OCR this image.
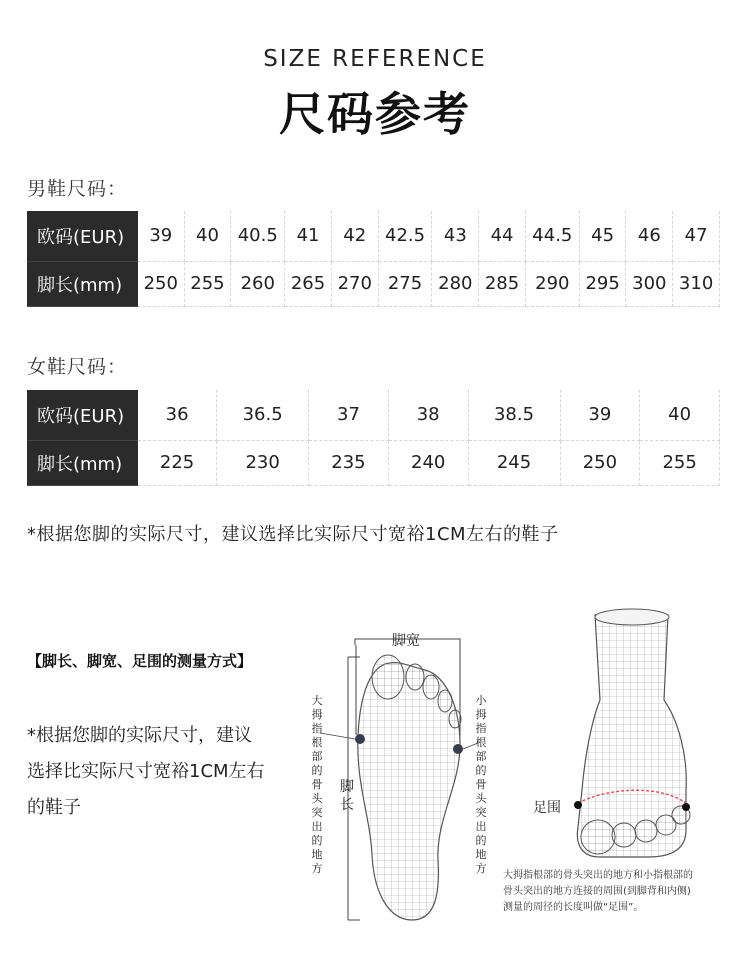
SIZE REFERENCE
尺码参考
男鞋尺码：
欧码(EUR)	39	40	40.5	41	42	42.5	43	44	44.5	45	46	47
脚长(mm)	250	255	260	265	270	275	280	285	290	295	300	310
女鞋尺码：
欧码(EUR)	36	36.5	37	38	38.5	39	40
脚长(mm)	225	230	235	240	245	250	255
*根据您脚的实际尺寸，建议选择比实际尺寸宽裕1CM左右的鞋子
【脚长、脚宽、足围的测量方式】
*根据您脚的实际尺寸，建议
选择比实际尺寸宽裕1CM左右
的鞋子
脚宽
大拇指根部的骨头突出的地方
小拇指根部的骨头突出的地方
脚长	足围
大拇指根部的骨头突出的地方和小指根部的
骨头突出的地方连接的周围(到脚背和内侧)
测量的周径的长度叫做“足围”。
